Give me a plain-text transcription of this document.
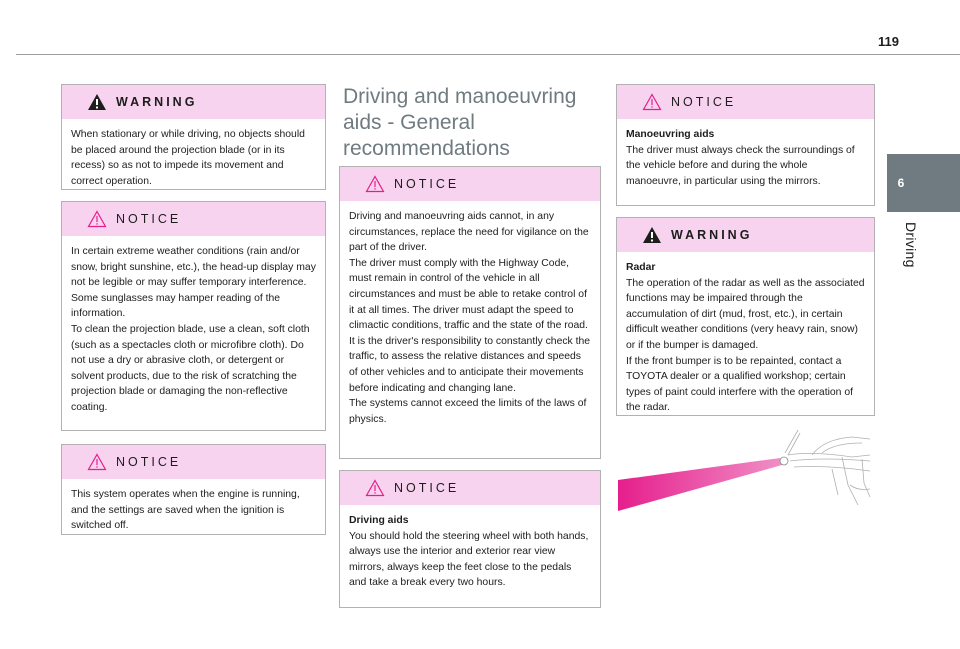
119
6
Driving
WARNING

When stationary or while driving, no objects should be placed around the projection blade (or in its recess) so as not to impede its movement and correct operation.

NOTICE

In certain extreme weather conditions (rain and/or snow, bright sunshine, etc.), the head-up display may not be legible or may suffer temporary interference.

Some sunglasses may hamper reading of the information.

To clean the projection blade, use a clean, soft cloth (such as a spectacles cloth or microfibre cloth). Do not use a dry or abrasive cloth, or detergent or solvent products, due to the risk of scratching the projection blade or damaging the non-reflective coating.

NOTICE

This system operates when the engine is running, and the settings are saved when the ignition is switched off.

Driving and manoeuvring aids - General recommendations
NOTICE

Driving and manoeuvring aids cannot, in any circumstances, replace the need for vigilance on the part of the driver.

The driver must comply with the Highway Code, must remain in control of the vehicle in all circumstances and must be able to retake control of it at all times. The driver must adapt the speed to climactic conditions, traffic and the state of the road.

It is the driver's responsibility to constantly check the traffic, to assess the relative distances and speeds of other vehicles and to anticipate their movements before indicating and changing lane.

The systems cannot exceed the limits of the laws of physics.

NOTICE

Driving aids

You should hold the steering wheel with both hands, always use the interior and exterior rear view mirrors, always keep the feet close to the pedals and take a break every two hours.

NOTICE

Manoeuvring aids

The driver must always check the surroundings of the vehicle before and during the whole manoeuvre, in particular using the mirrors.

WARNING

Radar

The operation of the radar as well as the associated functions may be impaired through the accumulation of dirt (mud, frost, etc.), in certain difficult weather conditions (very heavy rain, snow) or if the bumper is damaged.

If the front bumper is to be repainted, contact a TOYOTA dealer or a qualified workshop; certain types of paint could interfere with the operation of the radar.
